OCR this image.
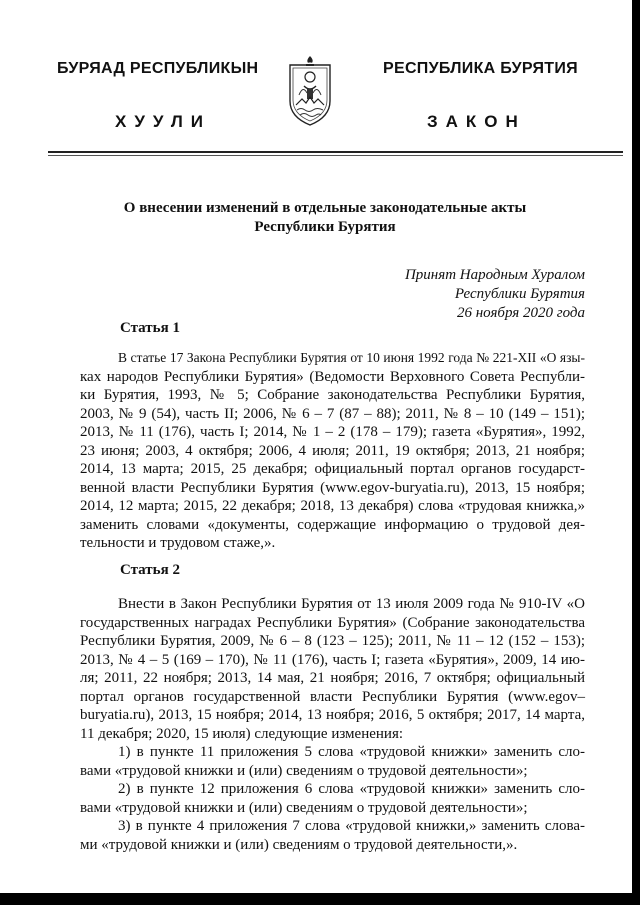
БУРЯАД РЕСПУБЛИКЫН	РЕСПУБЛИКА БУРЯТИЯ
ХУУЛИ	ЗАКОН
О внесении изменений в отдельные законодательные акты
Республики Бурятия
Принят Народным Хуралом
Республики Бурятия
26 ноября 2020 года
Статья 1
В статье 17 Закона Республики Бурятия от 10 июня 1992 года № 221-XII «О язы-
ках народов Республики Бурятия» (Ведомости Верховного Совета Республи-
ки Бурятия, 1993, № 5; Собрание законодательства Республики Бурятия,
2003, № 9 (54), часть II; 2006, № 6 – 7 (87 – 88); 2011, № 8 – 10 (149 – 151);
2013, № 11 (176), часть I; 2014, № 1 – 2 (178 – 179); газета «Бурятия», 1992,
23 июня; 2003, 4 октября; 2006, 4 июля; 2011, 19 октября; 2013, 21 ноября;
2014, 13 марта; 2015, 25 декабря; официальный портал органов государст-
венной власти Республики Бурятия (www.egov-buryatia.ru), 2013, 15 ноября;
2014, 12 марта; 2015, 22 декабря; 2018, 13 декабря) слова «трудовая книжка,»
заменить словами «документы, содержащие информацию о трудовой дея-
тельности и трудовом стаже,».
Статья 2
Внести в Закон Республики Бурятия от 13 июля 2009 года № 910-IV «О
государственных наградах Республики Бурятия» (Собрание законодательства
Республики Бурятия, 2009, № 6 – 8 (123 – 125); 2011, № 11 – 12 (152 – 153);
2013, № 4 – 5 (169 – 170), № 11 (176), часть I; газета «Бурятия», 2009, 14 ию-
ля; 2011, 22 ноября; 2013, 14 мая, 21 ноября; 2016, 7 октября; официальный
портал органов государственной власти Республики Бурятия (www.egov–
buryatia.ru), 2013, 15 ноября; 2014, 13 ноября; 2016, 5 октября; 2017, 14 марта,
11 декабря; 2020, 15 июля) следующие изменения:
1) в пункте 11 приложения 5 слова «трудовой книжки» заменить сло-
вами «трудовой книжки и (или) сведениям о трудовой деятельности»;
2) в пункте 12 приложения 6 слова «трудовой книжки» заменить сло-
вами «трудовой книжки и (или) сведениям о трудовой деятельности»;
3) в пункте 4 приложения 7 слова «трудовой книжки,» заменить слова-
ми «трудовой книжки и (или) сведениям о трудовой деятельности,».
